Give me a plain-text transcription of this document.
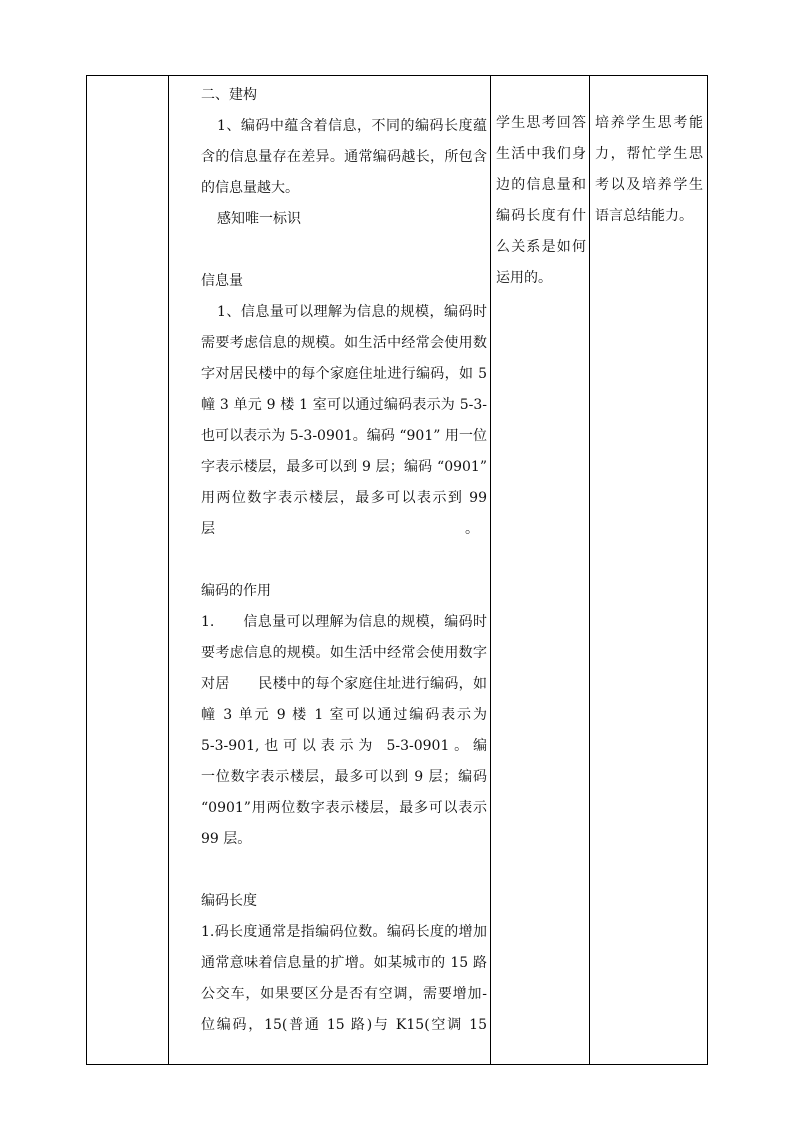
二、建构
1、编码中蕴含着信息，不同的编码长度蕴
含的信息量存在差异。通常编码越长，所包含
的信息量越大。
感知唯一标识
信息量
1、信息量可以理解为信息的规模，编码时
需要考虑信息的规模。如生活中经常会使用数
字对居民楼中的每个家庭住址进行编码，如 5
幢 3 单元 9 楼 1 室可以通过编码表示为 5-3-
也可以表示为 5-3-0901。编码 “901” 用一位
字表示楼层，最多可以到 9 层；编码 “0901”
用两位数字表示楼层，最多可以表示到 99
层	。
编码的作用
1.　　信息量可以理解为信息的规模，编码时
要考虑信息的规模。如生活中经常会使用数字
对居　　民楼中的每个家庭住址进行编码，如
幢 3 单元 9 楼 1 室可以通过编码表示为
5-3-901,也可以表示为 5-3-0901。编
一位数字表示楼层，最多可以到 9 层；编码
“0901”用两位数字表示楼层，最多可以表示
99 层。
编码长度
1.码长度通常是指编码位数。编码长度的增加
通常意味着信息量的扩增。如某城市的 15 路
公交车，如果要区分是否有空调，需要增加-
位编码，15(普通 15 路)与 K15(空调 15
学生思考回答
生活中我们身
边的信息量和
编码长度有什
么关系是如何
运用的。
培养学生思考能
力，帮忙学生思
考以及培养学生
语言总结能力。
